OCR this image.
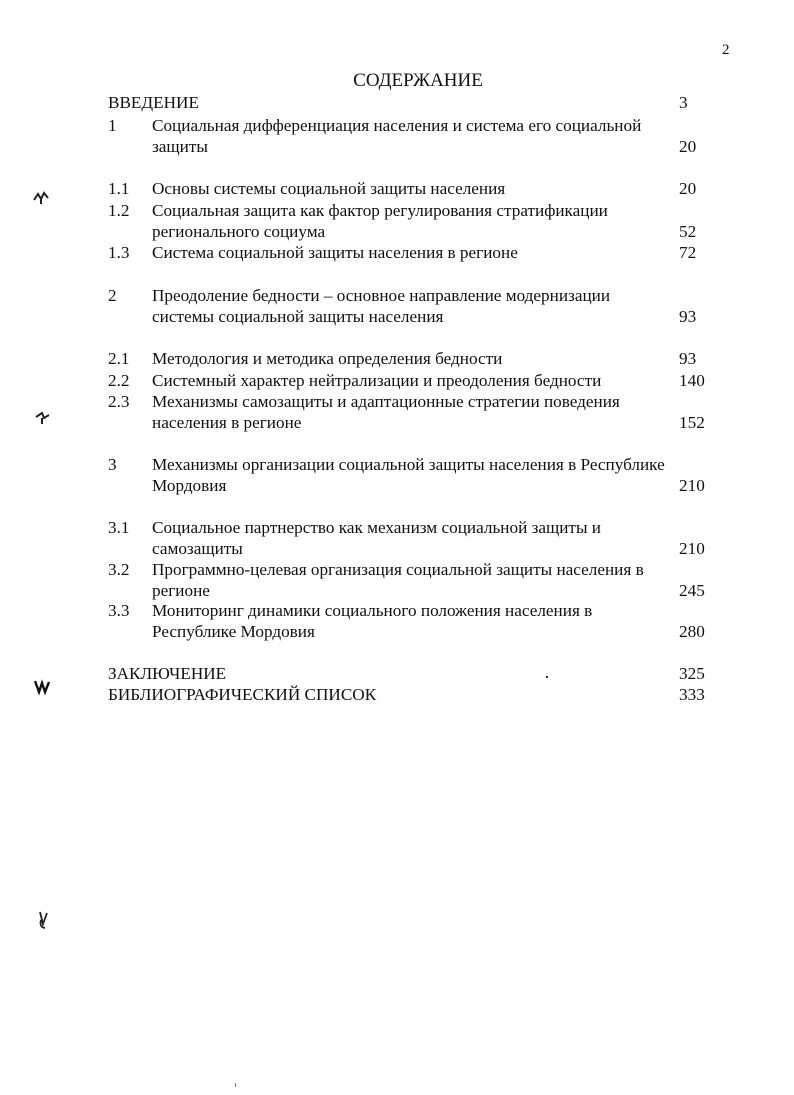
2
СОДЕРЖАНИЕ
ВВЕДЕНИЕ	3
1 Социальная дифференциация населения и система его социальной защиты	20
1.1 Основы системы социальной защиты населения	20
1.2 Социальная защита как фактор регулирования стратификации регионального социума	52
1.3 Система социальной защиты населения в регионе	72
2 Преодоление бедности – основное направление модернизации системы социальной защиты населения	93
2.1 Методология и методика определения бедности	93
2.2 Системный характер нейтрализации и преодоления бедности	140
2.3 Механизмы самозащиты и адаптационные стратегии поведения населения в регионе	152
3 Механизмы организации социальной защиты населения в Республике Мордовия	210
3.1 Социальное партнерство как механизм социальной защиты и самозащиты	210
3.2 Программно-целевая организация социальной защиты населения в регионе	245
3.3 Мониторинг динамики социального положения населения в Республике Мордовия	280
ЗАКЛЮЧЕНИЕ	325
БИБЛИОГРАФИЧЕСКИЙ СПИСОК	333
